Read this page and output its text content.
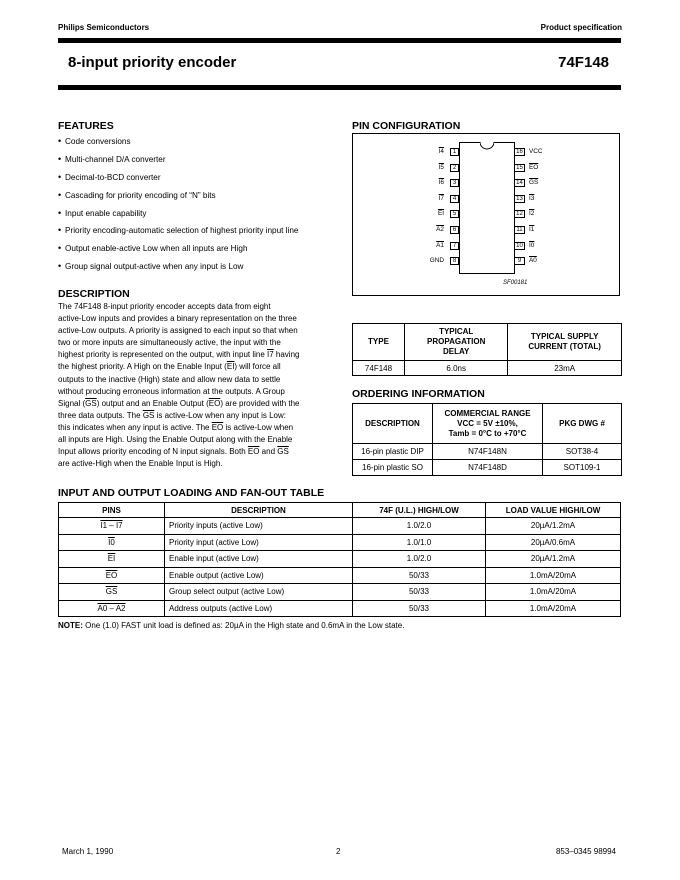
Philips Semiconductors	Product specification
8-input priority encoder	74F148
FEATURES
• Code conversions
• Multi-channel D/A converter
• Decimal-to-BCD converter
• Cascading for priority encoding of “N” bits
• Input enable capability
• Priority encoding-automatic selection of highest priority input line
• Output enable-active Low when all inputs are High
• Group signal output-active when any input is Low
DESCRIPTION
The 74F148 8-input priority encoder accepts data from eight
active-Low inputs and provides a binary representation on the three
active-Low outputs. A priority is assigned to each input so that when
two or more inputs are simultaneously active, the input with the
highest priority is represented on the output, with input line I7 having
the highest priority. A High on the Enable Input $(\overline{EI})$ will force all
outputs to the inactive (High) state and allow new data to settle
without producing erroneous information at the outputs. A Group
Signal $(\overline{GS})$ output and an Enable Output $(\overline{EO})$ are provided with the
three data outputs. The $\overline{GS}$ is active-Low when any input is Low:
this indicates when any input is active. The $\overline{EO}$ is active-Low when
all inputs are High. Using the Enable Output along with the Enable
Input allows priority encoding of N input signals. Both $\overline{EO}$ and $\overline{GS}$
are active-High when the Enable Input is High.
PIN CONFIGURATION
1
I4
2
I5
3
I6
4
I7
5
$\overline{EI}$
6
A2
7
A1
8
GND
16 VCC
15 $\overline{EO}$
14 $\overline{GS}$
13 I3
12 I2
11 I1
10 I0
9	A0
SF00181
TYPE	TYPICAL PROPAGATION DELAY	TYPICAL SUPPLY CURRENT (TOTAL)

74F148	6.0ns	23mA
ORDERING INFORMATION
DESCRIPTION	COMMERCIAL RANGE
VCC = 5V ±10%,
Tamb = 0°C to +70°C	PKG DWG #
16-pin plastic DIP	N74F148N	SOT38-4
16-pin plastic SO	N74F148D	SOT109-1
INPUT AND OUTPUT LOADING AND FAN-OUT TABLE
PINS	DESCRIPTION	74F (U.L.) HIGH/LOW	LOAD VALUE HIGH/LOW
I1 – I7	Priority inputs (active Low)	1.0/2.0	20µA/1.2mA
I0	Priority input (active Low)	1.0/1.0	20µA/0.6mA
$\overline{EI}$	Enable input (active Low)	1.0/2.0	20µA/1.2mA
$\overline{EO}$	Enable output (active Low)	50/33	1.0mA/20mA
$\overline{GS}$	Group select output (active Low)	50/33	1.0mA/20mA
A0 – A2	Address outputs (active Low)	50/33	1.0mA/20mA
NOTE: One (1.0) FAST unit load is defined as: 20µA in the High state and 0.6mA in the Low state.
March 1, 1990	2	853–0345 98994
